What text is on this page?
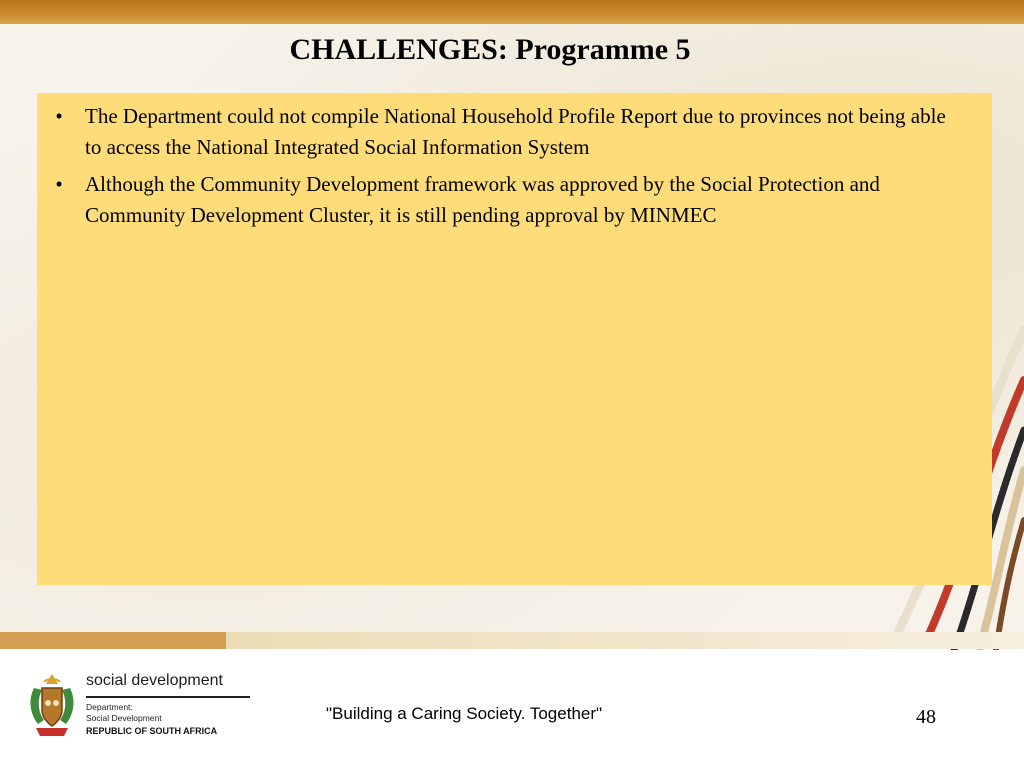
CHALLENGES: Programme 5
•	The Department could not compile National Household Profile Report due to provinces not being able to access the National Integrated Social Information System
•	Although the Community Development framework was approved by the Social Protection and Community Development Cluster, it is still pending approval by MINMEC
social development
Department:
Social Development
REPUBLIC OF SOUTH AFRICA
"Building a Caring Society. Together"	48
